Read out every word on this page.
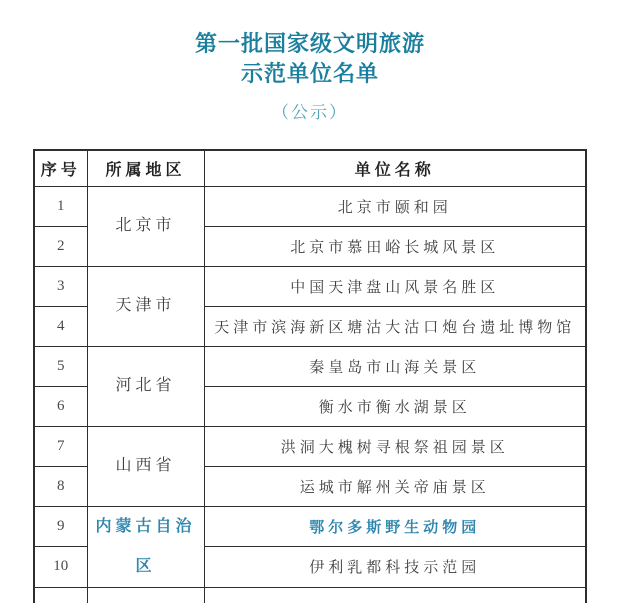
第一批国家级文明旅游
示范单位名单
（公示）
序号	所属地区	单位名称
1	北京市	北京市颐和园
2		北京市慕田峪长城风景区
3	天津市	中国天津盘山风景名胜区
4		天津市滨海新区塘沽大沽口炮台遗址博物馆
5	河北省	秦皇岛市山海关景区
6		衡水市衡水湖景区
7	山西省	洪洞大槐树寻根祭祖园景区
8		运城市解州关帝庙景区
9	内蒙古自治区	鄂尔多斯野生动物园
10		伊利乳都科技示范园
